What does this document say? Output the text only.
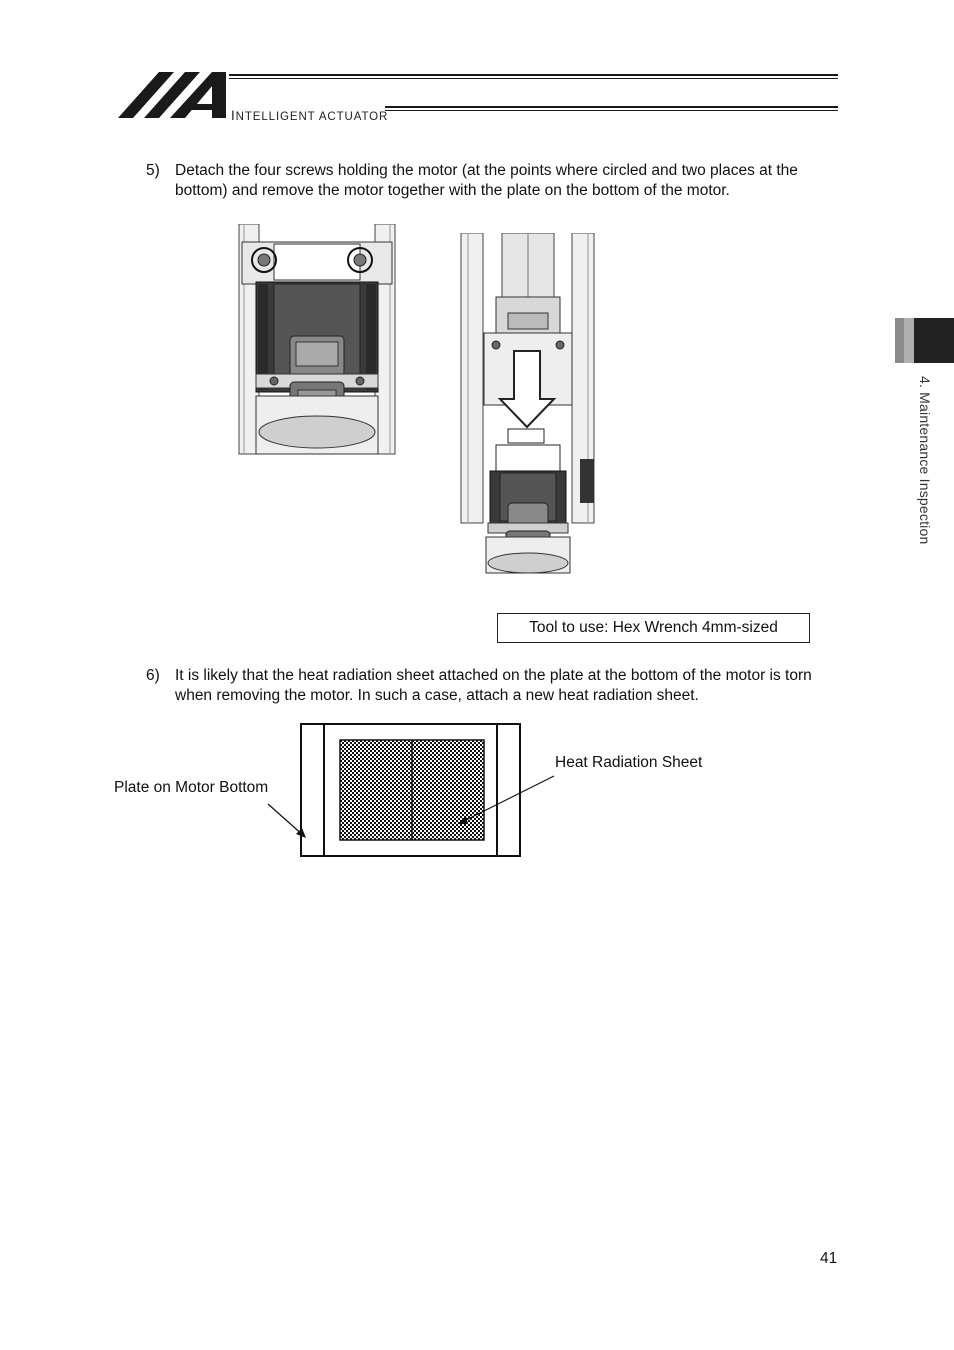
INTELLIGENT ACTUATOR
4. Maintenance Inspection
5) Detach the four screws holding the motor (at the points where circled and two places at the bottom) and remove the motor together with the plate on the bottom of the motor.
Tool to use: Hex Wrench 4mm-sized
6) It is likely that the heat radiation sheet attached on the plate at the bottom of the motor is torn when removing the motor. In such a case, attach a new heat radiation sheet.
Plate on Motor Bottom
Heat Radiation Sheet
41
